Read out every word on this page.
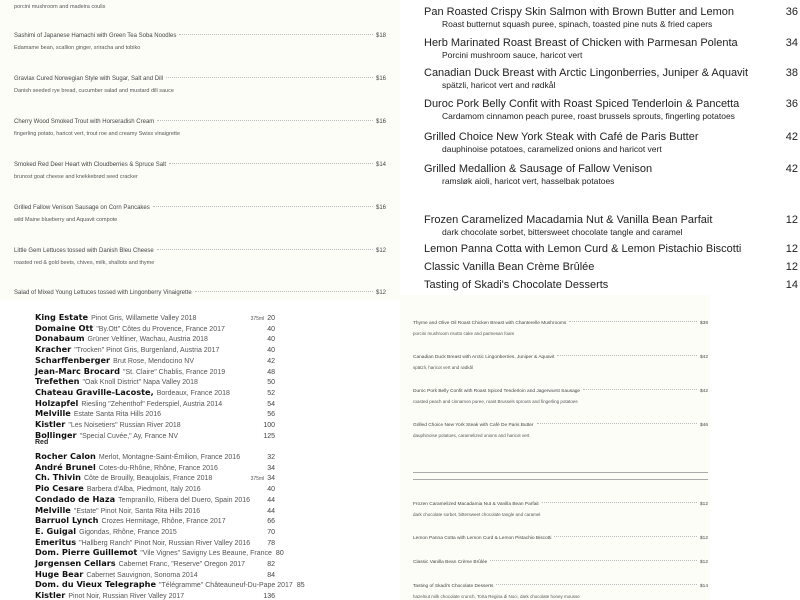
porcini mushroom and madeira coulis
Sashimi of Japanese Hamachi with Green Tea Soba Noodles	$18
Edamame bean, scallion ginger, sriracha and tobiko
Gravlax Cured Norwegian Style with Sugar, Salt and Dill	$16
Danish seeded rye bread, cucumber salad and mustard dill sauce
Cherry Wood Smoked Trout with Horseradish Cream	$16
fingerling potato, haricot vert, trout roe and creamy Swiss vinaigrette
Smoked Red Deer Heart with Cloudberries & Spruce Salt	$14
brunost goat cheese and knekkebrød seed cracker
Grilled Fallow Venison Sausage on Corn Pancakes	$16
wild Maine blueberry and Aquavit compote
Little Gem Lettuces tossed with Danish Bleu Cheese	$12
roasted red & gold beets, chives, milk, shallots and thyme
Salad of Mixed Young Lettuces tossed with Lingonberry Vinaigrette	$12
Pan Roasted Crispy Skin Salmon with Brown Butter and Lemon	36
Roast butternut squash puree, spinach, toasted pine nuts & fried capers
Herb Marinated Roast Breast of Chicken with Parmesan Polenta	34
Porcini mushroom sauce, haricot vert
Canadian Duck Breast with Arctic Lingonberries, Juniper & Aquavit	38
spätzli, haricot vert and rødkål
Duroc Pork Belly Confit with Roast Spiced Tenderloin & Pancetta	36
Cardamom cinnamon peach puree, roast brussels sprouts, fingerling potatoes
Grilled Choice New York Steak with Café de Paris Butter	42
dauphinoise potatoes, caramelized onions and haricot vert
Grilled Medallion & Sausage of Fallow Venison	42
ramsløk aioli, haricot vert, hasselbak potatoes
Frozen Caramelized Macadamia Nut & Vanilla Bean Parfait	12
dark chocolate sorbet, bittersweet chocolate tangle and caramel
Lemon Panna Cotta with Lemon Curd & Lemon Pistachio Biscotti	12
Classic Vanilla Bean Crème Brûlée	12
Tasting of Skadi's Chocolate Desserts	14
King Estate Pinot Gris, Willamette Valley 2018	375ml 20
Domaine Ott "By.Ott" Côtes du Provence, France 2017	40
Donabaum Grüner Veltliner, Wachau, Austria 2018	40
Kracher "Trocken" Pinot Gris, Burgenland, Austria 2017	40
Scharffenberger Brut Rose, Mendocino NV	42
Jean-Marc Brocard "St. Claire" Chablis, France 2019	48
Trefethen "Oak Knoll District" Napa Valley 2018	50
Chateau Graville-Lacoste, Bordeaux, France 2018	52
Holzapfel Riesling "Zehenthof" Federspiel, Austria 2014	54
Melville Estate Santa Rita Hills 2016	56
Kistler "Les Noisetiers" Russian River 2018	100
Bollinger "Special Cuvée," Ay, France NV	125
Red
Rocher Calon Merlot, Montagne-Saint-Émilion, France 2016	32
André Brunel Cotes-du-Rhône, Rhône, France 2016	34
Ch. Thivin Côte de Brouilly, Beaujolais, France 2018	375ml 34
Pio Cesare Barbera d'Alba, Piedmont, Italy 2016	40
Condado de Haza Tempranillo, Ribera del Duero, Spain 2016 44
Melville "Estate" Pinot Noir, Santa Rita Hills 2016	44
Barruol Lynch Crozes Hermitage, Rhône, France 2017	66
E. Guigal Gigondas, Rhône, France 2015	70
Emeritus "Hallberg Ranch" Pinot Noir, Russian River Valley 2016 78
Dom. Pierre Guillemot "Vile Vignes" Savigny Les Beaune, France 80
Jørgensen Cellars Cabernet Franc, "Reserve" Oregon 2017	82
Huge Bear Cabernet Sauvignon, Sonoma 2014	84
Dom. du Vieux Telegraphe "Télégramme" Châteauneuf-Du-Pape 2017 85
Kistler Pinot Noir, Russian River Valley 2017	136
Thyme and Olive Oil Roast Chicken Breast with Chanterelle Mushrooms	$38
porcini mushroom risotto cake and parmesan foam
Canadian Duck Breast with Arctic Lingonberries, Juniper & Aquavit	$42
spätzli, haricot vert and rødkål
Duroc Pork Belly Confit with Roast Spiced Tenderloin and Jagerwurst Sausage	$42
roasted peach and cinnamon puree, roast Brussels sprouts and fingerling potatoes
Grilled Choice New York Steak with Café De Paris Butter	$46
dauphinoise potatoes, caramelized onions and haricot vert
Frozen Caramelized Macadamia Nut & Vanilla Bean Parfait	$12
dark chocolate sorbet, bittersweet chocolate tangle and caramel
Lemon Panna Cotta with Lemon Curd & Lemon Pistachio Biscotti	$12
Classic Vanilla Bean Crème Brûlée	$12
Tasting of Skadi's Chocolate Desserts	$14
hazelnut milk chocolate crunch, Torta Regina di Noci, dark chocolate honey mousse
